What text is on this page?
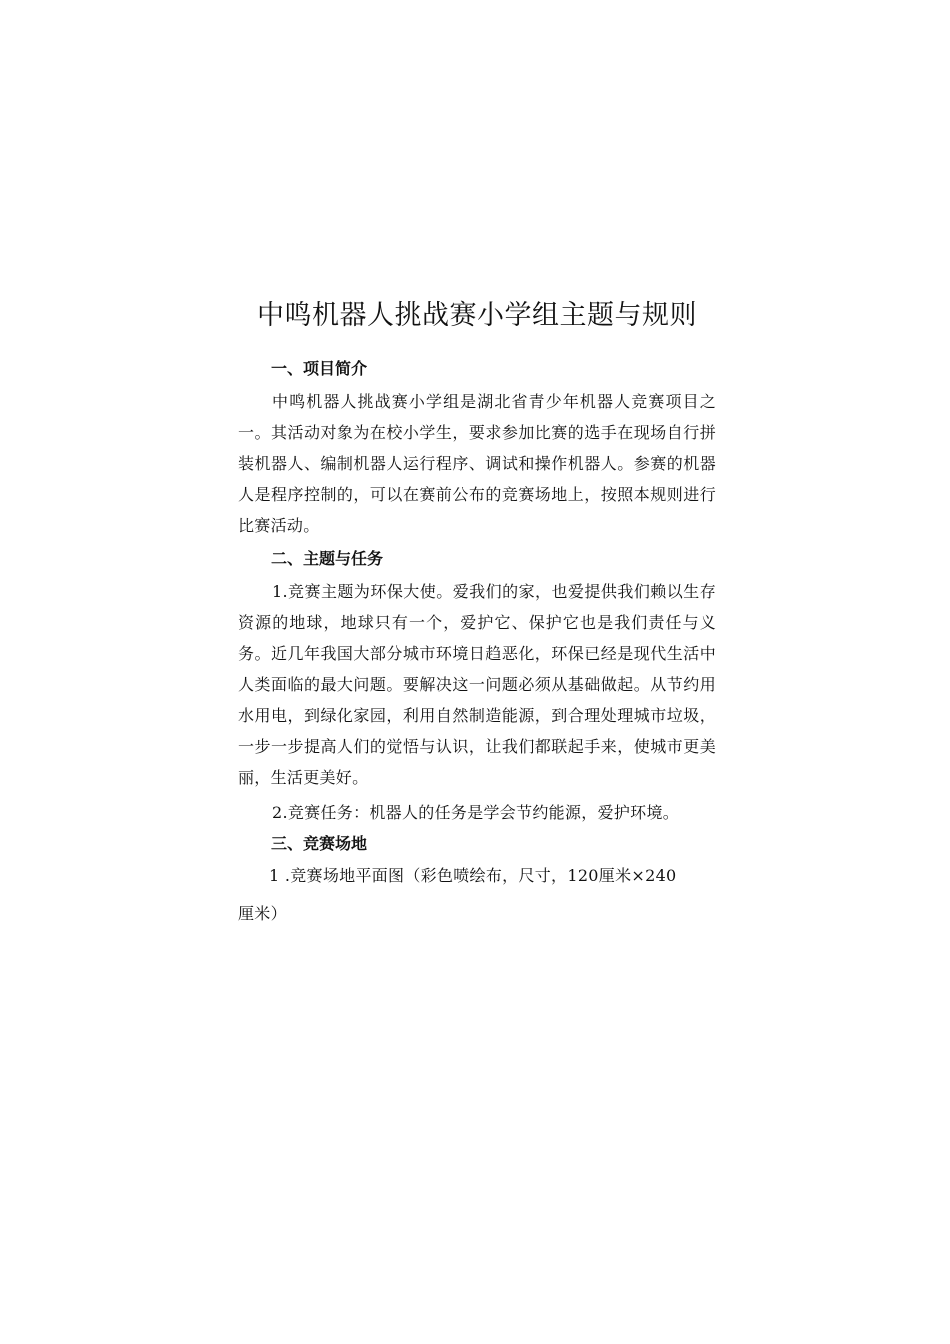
中鸣机器人挑战赛小学组主题与规则
一、项目简介

中鸣机器人挑战赛小学组是湖北省青少年机器人竞赛项目之一。其活动对象为在校小学生，要求参加比赛的选手在现场自行拼装机器人、编制机器人运行程序、调试和操作机器人。参赛的机器人是程序控制的，可以在赛前公布的竞赛场地上，按照本规则进行比赛活动。

二、主题与任务

1.竞赛主题为环保大使。爱我们的家，也爱提供我们赖以生存资源的地球，地球只有一个，爱护它、保护它也是我们责任与义务。近几年我国大部分城市环境日趋恶化，环保已经是现代生活中人类面临的最大问题。要解决这一问题必须从基础做起。从节约用水用电，到绿化家园，利用自然制造能源，到合理处理城市垃圾，一步一步提高人们的觉悟与认识，让我们都联起手来，使城市更美丽，生活更美好。

2.竞赛任务：机器人的任务是学会节约能源，爱护环境。

三、竞赛场地

1 .竞赛场地平面图（彩色喷绘布，尺寸，120厘米×240

厘米）
